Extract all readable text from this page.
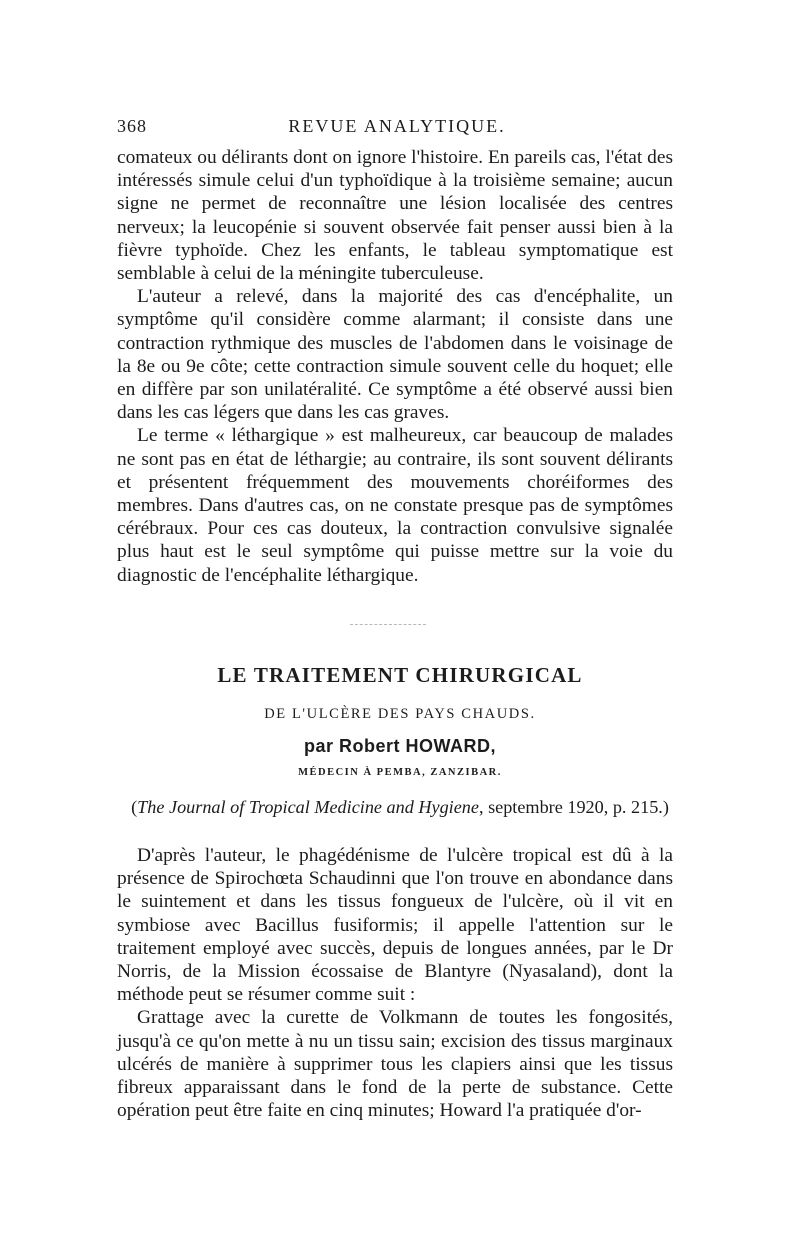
368	REVUE ANALYTIQUE.

comateux ou délirants dont on ignore l'histoire. En pareils cas, l'état des intéressés simule celui d'un typhoïdique à la troisième semaine; aucun signe ne permet de reconnaître une lésion localisée des centres nerveux; la leucopénie si souvent observée fait penser aussi bien à la fièvre typhoïde. Chez les enfants, le tableau symptomatique est semblable à celui de la méningite tuberculeuse.

L'auteur a relevé, dans la majorité des cas d'encéphalite, un symptôme qu'il considère comme alarmant; il consiste dans une contraction rythmique des muscles de l'abdomen dans le voisinage de la 8e ou 9e côte; cette contraction simule souvent celle du hoquet; elle en diffère par son unilatéralité. Ce symptôme a été observé aussi bien dans les cas légers que dans les cas graves.

Le terme « léthargique » est malheureux, car beaucoup de malades ne sont pas en état de léthargie; au contraire, ils sont souvent délirants et présentent fréquemment des mouvements choréiformes des membres. Dans d'autres cas, on ne constate presque pas de symptômes cérébraux. Pour ces cas douteux, la contraction convulsive signalée plus haut est le seul symptôme qui puisse mettre sur la voie du diagnostic de l'encéphalite léthargique.

LE TRAITEMENT CHIRURGICAL
DE L'ULCÈRE DES PAYS CHAUDS.
par Robert HOWARD,
MÉDECIN À PEMBA, ZANZIBAR.
(The Journal of Tropical Medicine and Hygiene, septembre 1920, p. 215.)

D'après l'auteur, le phagédénisme de l'ulcère tropical est dû à la présence de Spirochœta Schaudinni que l'on trouve en abondance dans le suintement et dans les tissus fongueux de l'ulcère, où il vit en symbiose avec Bacillus fusiformis; il appelle l'attention sur le traitement employé avec succès, depuis de longues années, par le Dr Norris, de la Mission écossaise de Blantyre (Nyasaland), dont la méthode peut se résumer comme suit :

Grattage avec la curette de Volkmann de toutes les fongosités, jusqu'à ce qu'on mette à nu un tissu sain; excision des tissus marginaux ulcérés de manière à supprimer tous les clapiers ainsi que les tissus fibreux apparaissant dans le fond de la perte de substance. Cette opération peut être faite en cinq minutes; Howard l'a pratiquée d'or-
